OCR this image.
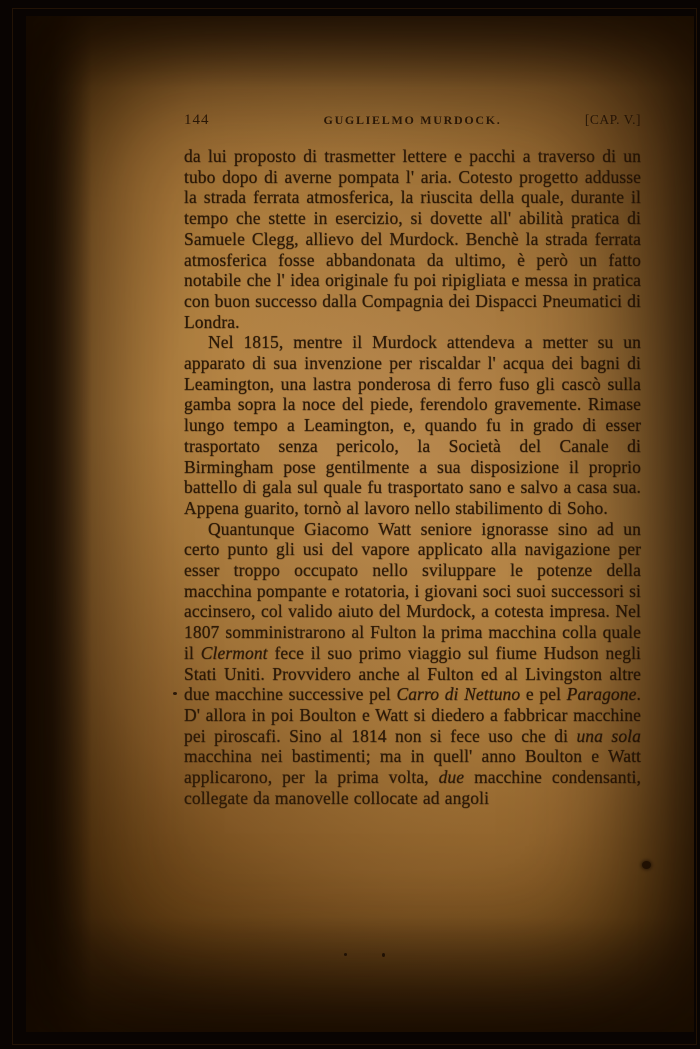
144	GUGLIELMO MURDOCK.	[CAP. V.]

da lui proposto di trasmetter lettere e pacchi a traverso di un tubo dopo di averne pompata l' aria. Cotesto progetto addusse la strada ferrata atmosferica, la riuscita della quale, durante il tempo che stette in esercizio, si dovette all' abilità pratica di Samuele Clegg, allievo del Murdock. Benchè la strada ferrata atmosferica fosse abbandonata da ultimo, è però un fatto notabile che l' idea originale fu poi ripigliata e messa in pratica con buon successo dalla Compagnia dei Dispacci Pneumatici di Londra.

Nel 1815, mentre il Murdock attendeva a metter su un apparato di sua invenzione per riscaldar l' acqua dei bagni di Leamington, una lastra ponderosa di ferro fuso gli cascò sulla gamba sopra la noce del piede, ferendolo gravemente. Rimase lungo tempo a Leamington, e, quando fu in grado di esser trasportato senza pericolo, la Società del Canale di Birmingham pose gentilmente a sua disposizione il proprio battello di gala sul quale fu trasportato sano e salvo a casa sua. Appena guarito, tornò al lavoro nello stabilimento di Soho.

Quantunque Giacomo Watt seniore ignorasse sino ad un certo punto gli usi del vapore applicato alla navigazione per esser troppo occupato nello sviluppare le potenze della macchina pompante e rotatoria, i giovani soci suoi successori si accinsero, col valido aiuto del Murdock, a cotesta impresa. Nel 1807 somministrarono al Fulton la prima macchina colla quale il Clermont fece il suo primo viaggio sul fiume Hudson negli Stati Uniti. Provvidero anche al Fulton ed al Livingston altre due macchine successive pel Carro di Nettuno e pel Paragone. D' allora in poi Boulton e Watt si diedero a fabbricar macchine pei piroscafi. Sino al 1814 non si fece uso che di una sola macchina nei bastimenti; ma in quell' anno Boulton e Watt applicarono, per la prima volta, due macchine condensanti, collegate da manovelle collocate ad angoli
